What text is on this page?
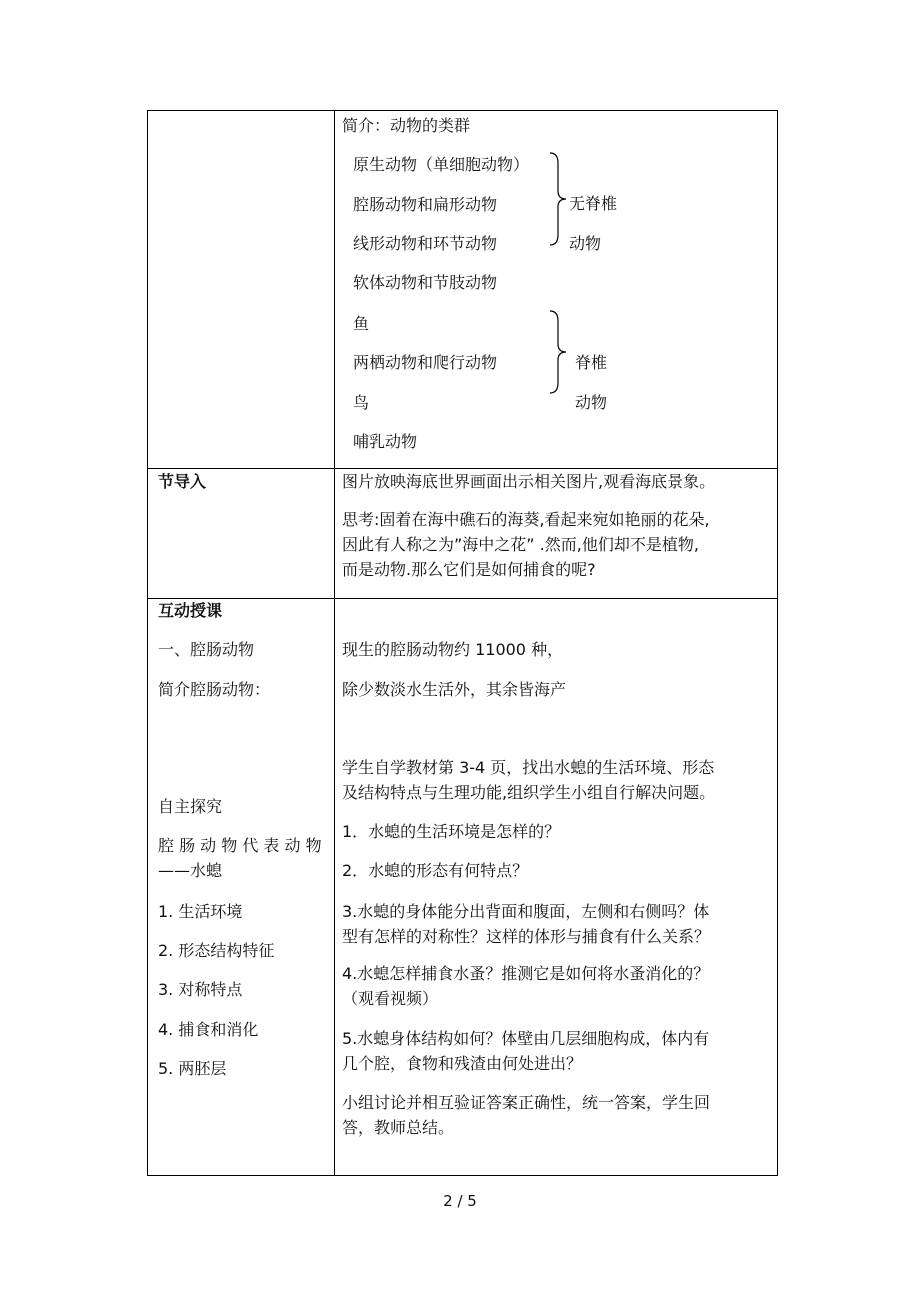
简介：动物的类群
原生动物（单细胞动物）
腔肠动物和扁形动物
线形动物和环节动物
软体动物和节肢动物
鱼
两栖动物和爬行动物
鸟
哺乳动物
无脊椎
动物
脊椎
动物
节导入	图片放映海底世界画面出示相关图片,观看海底景象。
思考:固着在海中礁石的海葵,看起来宛如艳丽的花朵,
因此有人称之为”海中之花” .然而,他们却不是植物,
而是动物.那么它们是如何捕食的呢?
互动授课
一、腔肠动物
简介腔肠动物：
自主探究
腔 肠 动 物 代 表 动 物
——水螅
1. 生活环境
2. 形态结构特征
3. 对称特点
4. 捕食和消化
5. 两胚层
现生的腔肠动物约 11000 种，
除少数淡水生活外，其余皆海产
学生自学教材第 3-4 页，找出水螅的生活环境、形态
及结构特点与生理功能,组织学生小组自行解决问题。
1．水螅的生活环境是怎样的？
2．水螅的形态有何特点？
3.水螅的身体能分出背面和腹面，左侧和右侧吗？体
型有怎样的对称性？这样的体形与捕食有什么关系？
4.水螅怎样捕食水蚤？推测它是如何将水蚤消化的？
（观看视频）
5.水螅身体结构如何？体壁由几层细胞构成，体内有
几个腔，食物和残渣由何处进出？
小组讨论并相互验证答案正确性，统一答案，学生回
答，教师总结。
2 / 5
